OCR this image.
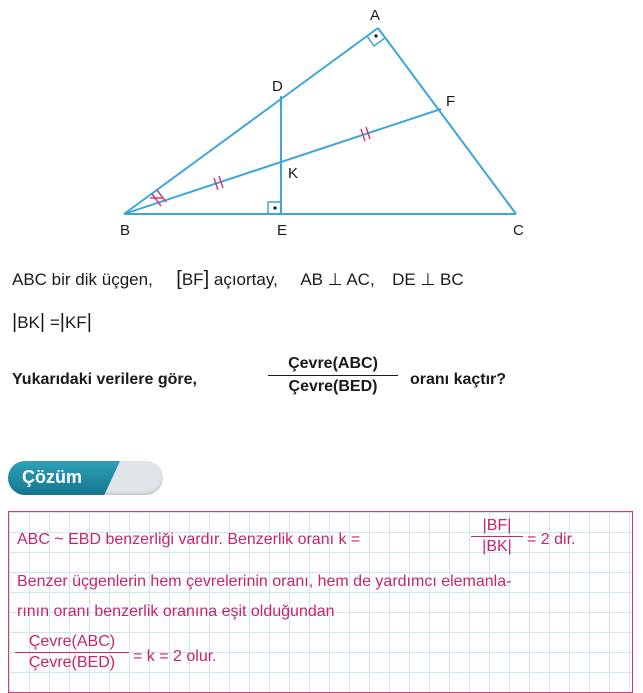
A
B	C
D
E
F
K
ABC bir dik üçgen, [BF] açıortay, AB ⊥ AC, DE ⊥ BC
|BK| =|KF|
Yukarıdaki verilere göre,
Çevre(ABC)
Çevre(BED)	oranı kaçtır?
Çözüm
ABC ~ EBD benzerliği vardır. Benzerlik oranı k =	$\frac{|BF|}{|BK|} = 2$ dir.
Benzer üçgenlerin hem çevrelerinin oranı, hem de yardımcı elemanla-
rının oranı benzerlik oranına eşit olduğundan
Çevre(ABC)
Çevre(BED)	= k = 2 olur.
